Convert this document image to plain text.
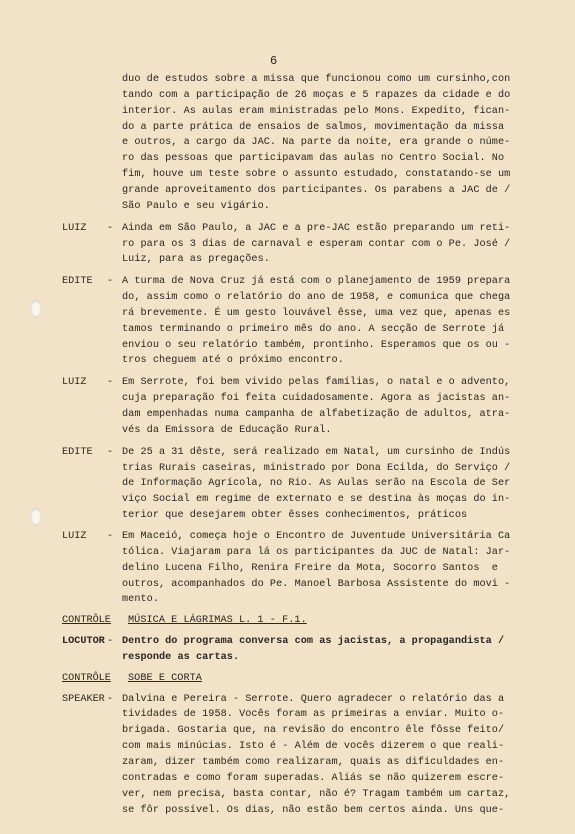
6
duo de estudos sobre a missa que funcionou como um cursinho,con
tando com a participação de 26 moças e 5 rapazes da cidade e do
interior. As aulas eram ministradas pelo Mons. Expedito, fican-
do a parte prática de ensaios de salmos, movimentação da missa
e outros, a cargo da JAC. Na parte da noite, era grande o núme-
ro das pessoas que participavam das aulas no Centro Social. No
fim, houve um teste sobre o assunto estudado, constatando-se um
grande aproveitamento dos participantes. Os parabens a JAC de /
São Paulo e seu vigário.
LUIZ - Ainda em São Paulo, a JAC e a pre-JAC estão preparando um reti-
ro para os 3 dias de carnaval e esperam contar com o Pe. José /
Luiz, para as pregações.
EDITE - A turma de Nova Cruz já está com o planejamento de 1959 prepara
do, assim como o relatório do ano de 1958, e comunica que chega
rá brevemente. É um gesto louvável êsse, uma vez que, apenas es
tamos terminando o primeiro mês do ano. A secção de Serrote já
enviou o seu relatório também, prontinho. Esperamos que os ou -
tros cheguem até o próximo encontro.
LUIZ - Em Serrote, foi bem vivido pelas famílias, o natal e o advento,
cuja preparação foi feita cuidadosamente. Agora as jacistas an-
dam empenhadas numa campanha de alfabetização de adultos, atra-
vés da Emissora de Educação Rural.
EDITE - De 25 a 31 dêste, será realizado em Natal, um cursinho de Indús
trias Rurais caseiras, ministrado por Dona Ecilda, do Serviço /
de Informação Agrícola, no Rio. As Aulas serão na Escola de Ser
viço Social em regime de externato e se destina às moças do in-
terior que desejarem obter êsses conhecimentos, práticos
LUIZ - Em Maceió, começa hoje o Encontro de Juventude Universitária Ca
tólica. Viajaram para lá os participantes da JUC de Natal: Jar-
delino Lucena Filho, Renira Freire da Mota, Socorro Santos  e
outros, acompanhados do Pe. Manoel Barbosa Assistente do movi -
mento.
CONTRÔLE MÚSICA E LÁGRIMAS L. 1 - F.1.
LOCUTOR - Dentro do programa conversa com as jacistas, a propagandista /
responde as cartas.
CONTRÔLE SOBE E CORTA
SPEAKER - Dalvina e Pereira - Serrote. Quero agradecer o relatório das a
tividades de 1958. Vocês foram as primeiras a enviar. Muito o-
brigada. Gostaria que, na revisão do encontro êle fôsse feito/
com mais minúcias. Isto é - Além de vocês dizerem o que reali-
zaram, dizer também como realizaram, quais as dificuldades en-
contradas e como foram superadas. Aliás se não quizerem escre-
ver, nem precisa, basta contar, não é? Tragam também um cartaz,
se fôr possível. Os dias, não estão bem certos ainda. Uns que-
